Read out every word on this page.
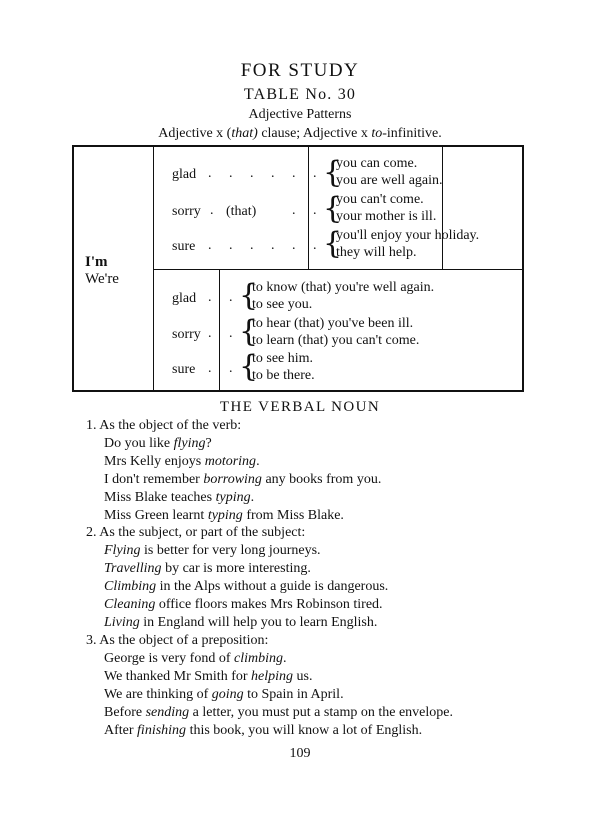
FOR STUDY
TABLE No. 30
Adjective Patterns
Adjective x (that) clause; Adjective x to-infinitive.
I'm
We're
glad . . . . . . {
you can come.
you are well again.
sorry . (that)	. . {
you can't come.
your mother is ill.
sure . . . . . . {
you'll enjoy your holiday.
they will help.
glad . . {
to know (that) you're well again.
to see you.
sorry . . {
to hear (that) you've been ill.
to learn (that) you can't come.
sure . . {
to see him.
to be there.
THE VERBAL NOUN
1. As the object of the verb:
Do you like flying?
Mrs Kelly enjoys motoring.
I don't remember borrowing any books from you.
Miss Blake teaches typing.
Miss Green learnt typing from Miss Blake.
2. As the subject, or part of the subject:
Flying is better for very long journeys.
Travelling by car is more interesting.
Climbing in the Alps without a guide is dangerous.
Cleaning office floors makes Mrs Robinson tired.
Living in England will help you to learn English.
3. As the object of a preposition:
George is very fond of climbing.
We thanked Mr Smith for helping us.
We are thinking of going to Spain in April.
Before sending a letter, you must put a stamp on the envelope.
After finishing this book, you will know a lot of English.
109
